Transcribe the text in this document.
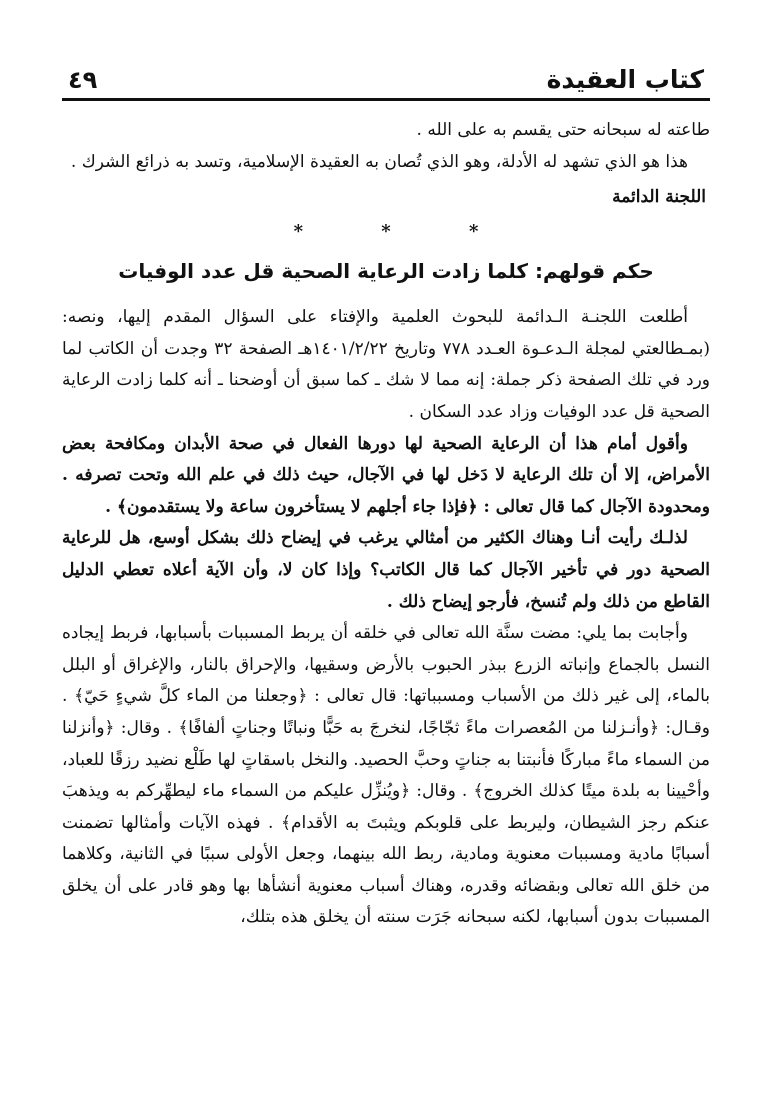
كتاب العقيدة
٤٩

طاعته له سبحانه حتى يقسم به على الله .

هذا هو الذي تشهد له الأدلة، وهو الذي تُصان به العقيدة الإسلامية، وتسد به ذرائع الشرك .

اللجنة الدائمة
* * *
حكم قولهم: كلما زادت الرعاية الصحية قل عدد الوفيات

أطلعت اللجنـة الـدائمة للبحوث العلمية والإفتاء على السؤال المقدم إليها، ونصه: (بمـطالعتي لمجلة الـدعـوة العـدد ٧٧٨ وتاريخ ١٤٠١/٢/٢٢هـ الصفحة ٣٢ وجدت أن الكاتب لما ورد في تلك الصفحة ذكر جملة: إنه مما لا شك ـ كما سبق أن أوضحنا ـ أنه كلما زادت الرعاية الصحية قل عدد الوفيات وزاد عدد السكان .

وأقول أمام هذا أن الرعاية الصحية لها دورها الفعال في صحة الأبدان ومكافحة بعض الأمراض، إلا أن تلك الرعاية لا دَخل لها في الآجال، حيث ذلك في علم الله وتحت تصرفه . ومحدودة الآجال كما قال تعالى : ﴿فإذا جاء أجلهم لا يستأخرون ساعة ولا يستقدمون﴾ .

لذلـك رأيت أنـا وهناك الكثير من أمثالي يرغب في إيضاح ذلك بشكل أوسع، هل للرعاية الصحية دور في تأخير الآجال كما قال الكاتب؟ وإذا كان لا، وأن الآية أعلاه تعطي الدليل القاطع من ذلك ولم تُنسخ، فأرجو إيضاح ذلك .

وأجابت بما يلي: مضت سنَّة الله تعالى في خلقه أن يربط المسببات بأسبابها، فربط إيجاده النسل بالجماع وإنباته الزرع ببذر الحبوب بالأرض وسقيها، والإحراق بالنار، والإغراق أو البلل بالماء، إلى غير ذلك من الأسباب ومسبباتها: قال تعالى : ﴿وجعلنا من الماء كلَّ شيءٍ حَيّ﴾ . وقـال: ﴿وأنـزلنا من المُعصرات ماءً ثجّاجًا، لنخرجَ به حَبًّا ونباتًا وجناتٍ ألفافًا﴾ . وقال: ﴿وأنزلنا من السماء ماءً مباركًا فأنبتنا به جناتٍ وحبَّ الحصيد. والنخل باسقاتٍ لها طَلْع نضيد رزقًا للعباد، وأحْيينا به بلدة ميتًا كذلك الخروج﴾ . وقال: ﴿ويُنزِّل عليكم من السماء ماء ليطهِّركم به ويذهبَ عنكم رجز الشيطان، وليربط على قلوبكم ويثبتَ به الأقدام﴾ . فهذه الآيات وأمثالها تضمنت أسبابًا مادية ومسببات معنوية ومادية، ربط الله بينهما، وجعل الأولى سببًا في الثانية، وكلاهما من خلق الله تعالى وبقضائه وقدره، وهناك أسباب معنوية أنشأها بها وهو قادر على أن يخلق المسببات بدون أسبابها، لكنه سبحانه جَرَت سنته أن يخلق هذه بتلك،
